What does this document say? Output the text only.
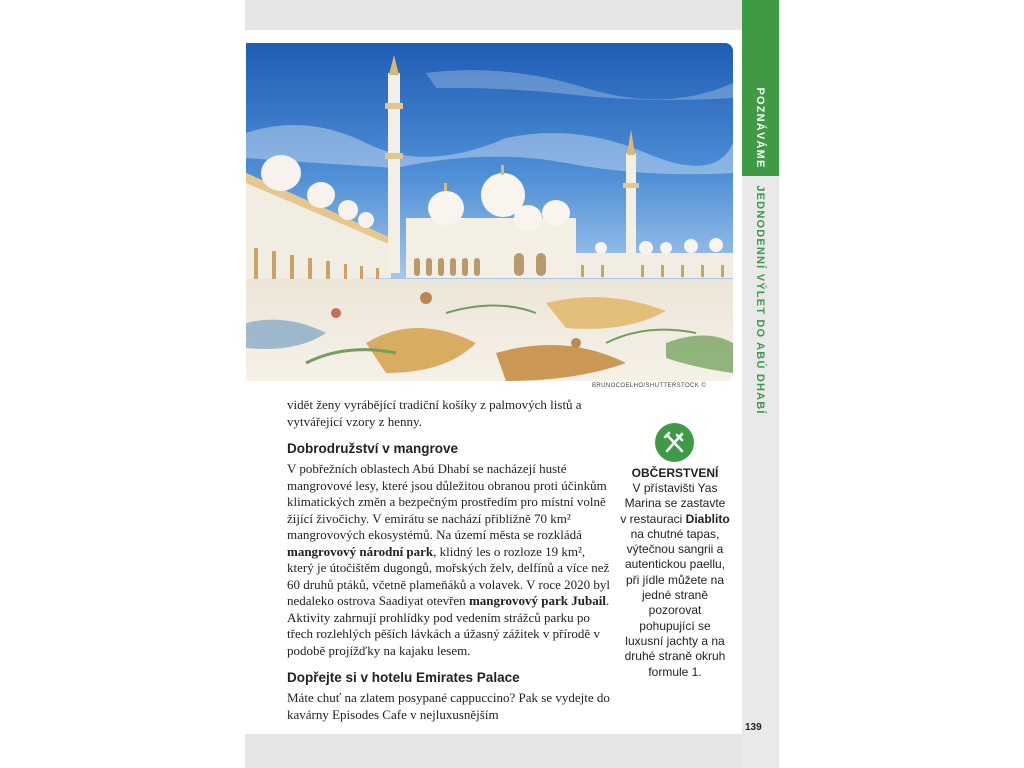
POZNÁVÁME
JEDNODENNÍ VÝLET DO ABÚ DHABÍ
BRUNOCOELHO/SHUTTERSTOCK ©

vidět ženy vyrábějící tradiční košíky z palmových listů a vytvářející vzory z henny.

Dobrodružství v mangrove

V pobřežních oblastech Abú Dhabí se nacházejí husté mangrovové lesy, které jsou důležitou obranou proti účinkům klimatických změn a bezpečným prostředím pro místní volně žijící živočichy. V emirátu se nachází přibližně 70 km² mangrovových ekosystémů. Na území města se rozkládá mangrovový národní park, klidný les o rozloze 19 km², který je útočištěm dugongů, mořských želv, delfínů a více než 60 druhů ptáků, včetně plameňáků a volavek. V roce 2020 byl nedaleko ostrova Saadiyat otevřen mangrovový park Jubail. Aktivity zahrnují prohlídky pod vedením strážců parku po třech rozlehlých pěších lávkách a úžasný zážitek v přírodě v podobě projížďky na kajaku lesem.

Dopřejte si v hotelu Emirates Palace

Máte chuť na zlatem posypané cappuccino? Pak se vydejte do kavárny Episodes Cafe v nejluxusnějším

OBČERSTVENÍ

V přístavišti Yas Marina se zastavte v restauraci Diablito na chutné tapas, výtečnou sangrii a autentickou paellu, při jídle můžete na jedné straně pozorovat pohupující se luxusní jachty a na druhé straně okruh formule 1.

139
